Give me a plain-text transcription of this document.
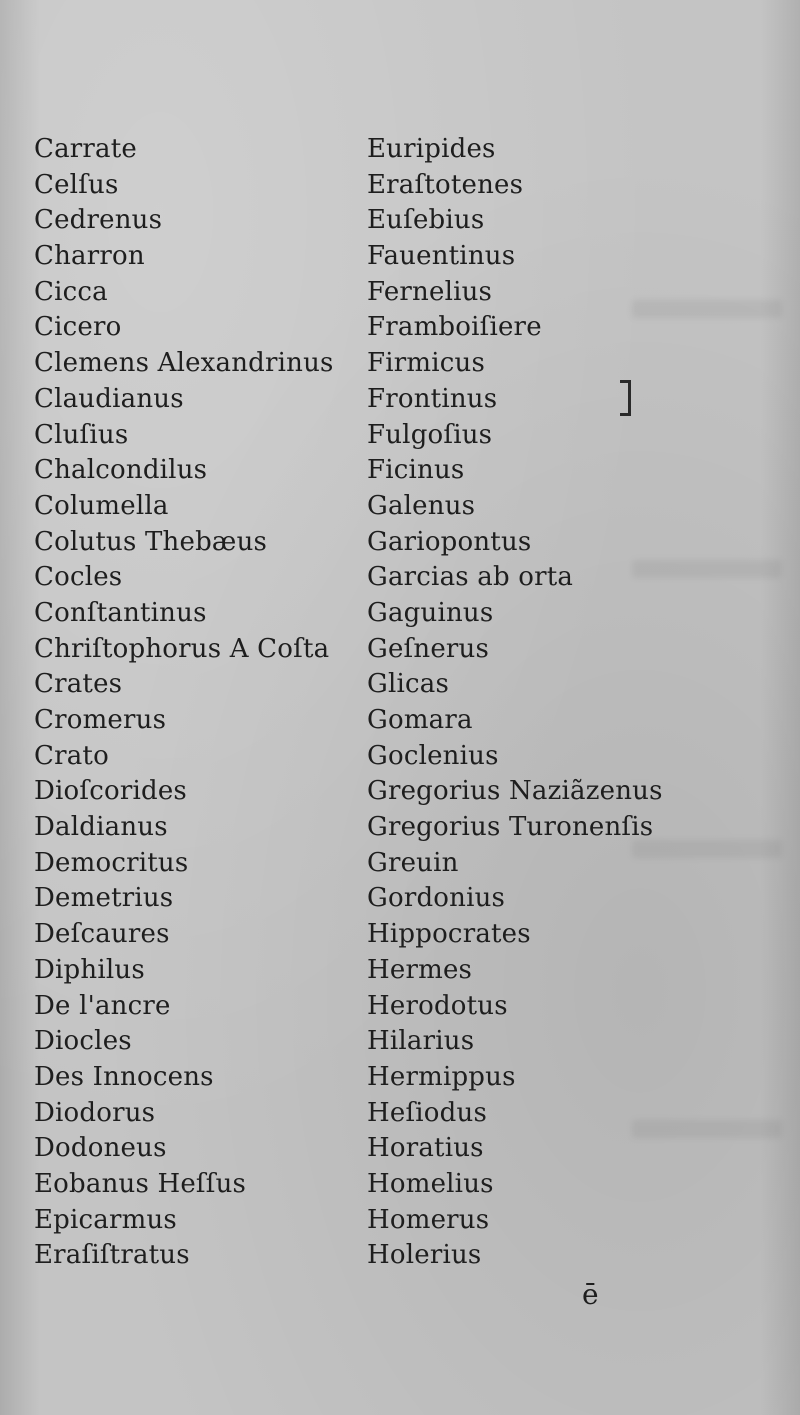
Carrate
Celſus
Cedrenus
Charron
Cicca
Cicero
Clemens Alexandrinus
Claudianus
Cluſius
Chalcondilus
Columella
Colutus Thebæus
Cocles
Conſtantinus
Chriſtophorus A Coſta
Crates
Cromerus
Crato
Dioſcorides
Daldianus
Democritus
Demetrius
Deſcaures
Diphilus
De l'ancre
Diocles
Des Innocens
Diodorus
Dodoneus
Eobanus Heſſus
Epicarmus
Eraſiſtratus
Euripides
Eraſtotenes
Euſebius
Fauentinus
Fernelius
Framboiſiere
Firmicus
Frontinus
Fulgoſius
Ficinus
Galenus
Gariopontus
Garcias ab orta
Gaguinus
Geſnerus
Glicas
Gomara
Goclenius
Gregorius Naziãzenus
Gregorius Turonenſis
Greuin
Gordonius
Hippocrates
Hermes
Herodotus
Hilarius
Hermippus
Heſiodus
Horatius
Homelius
Homerus
Holerius
ē
